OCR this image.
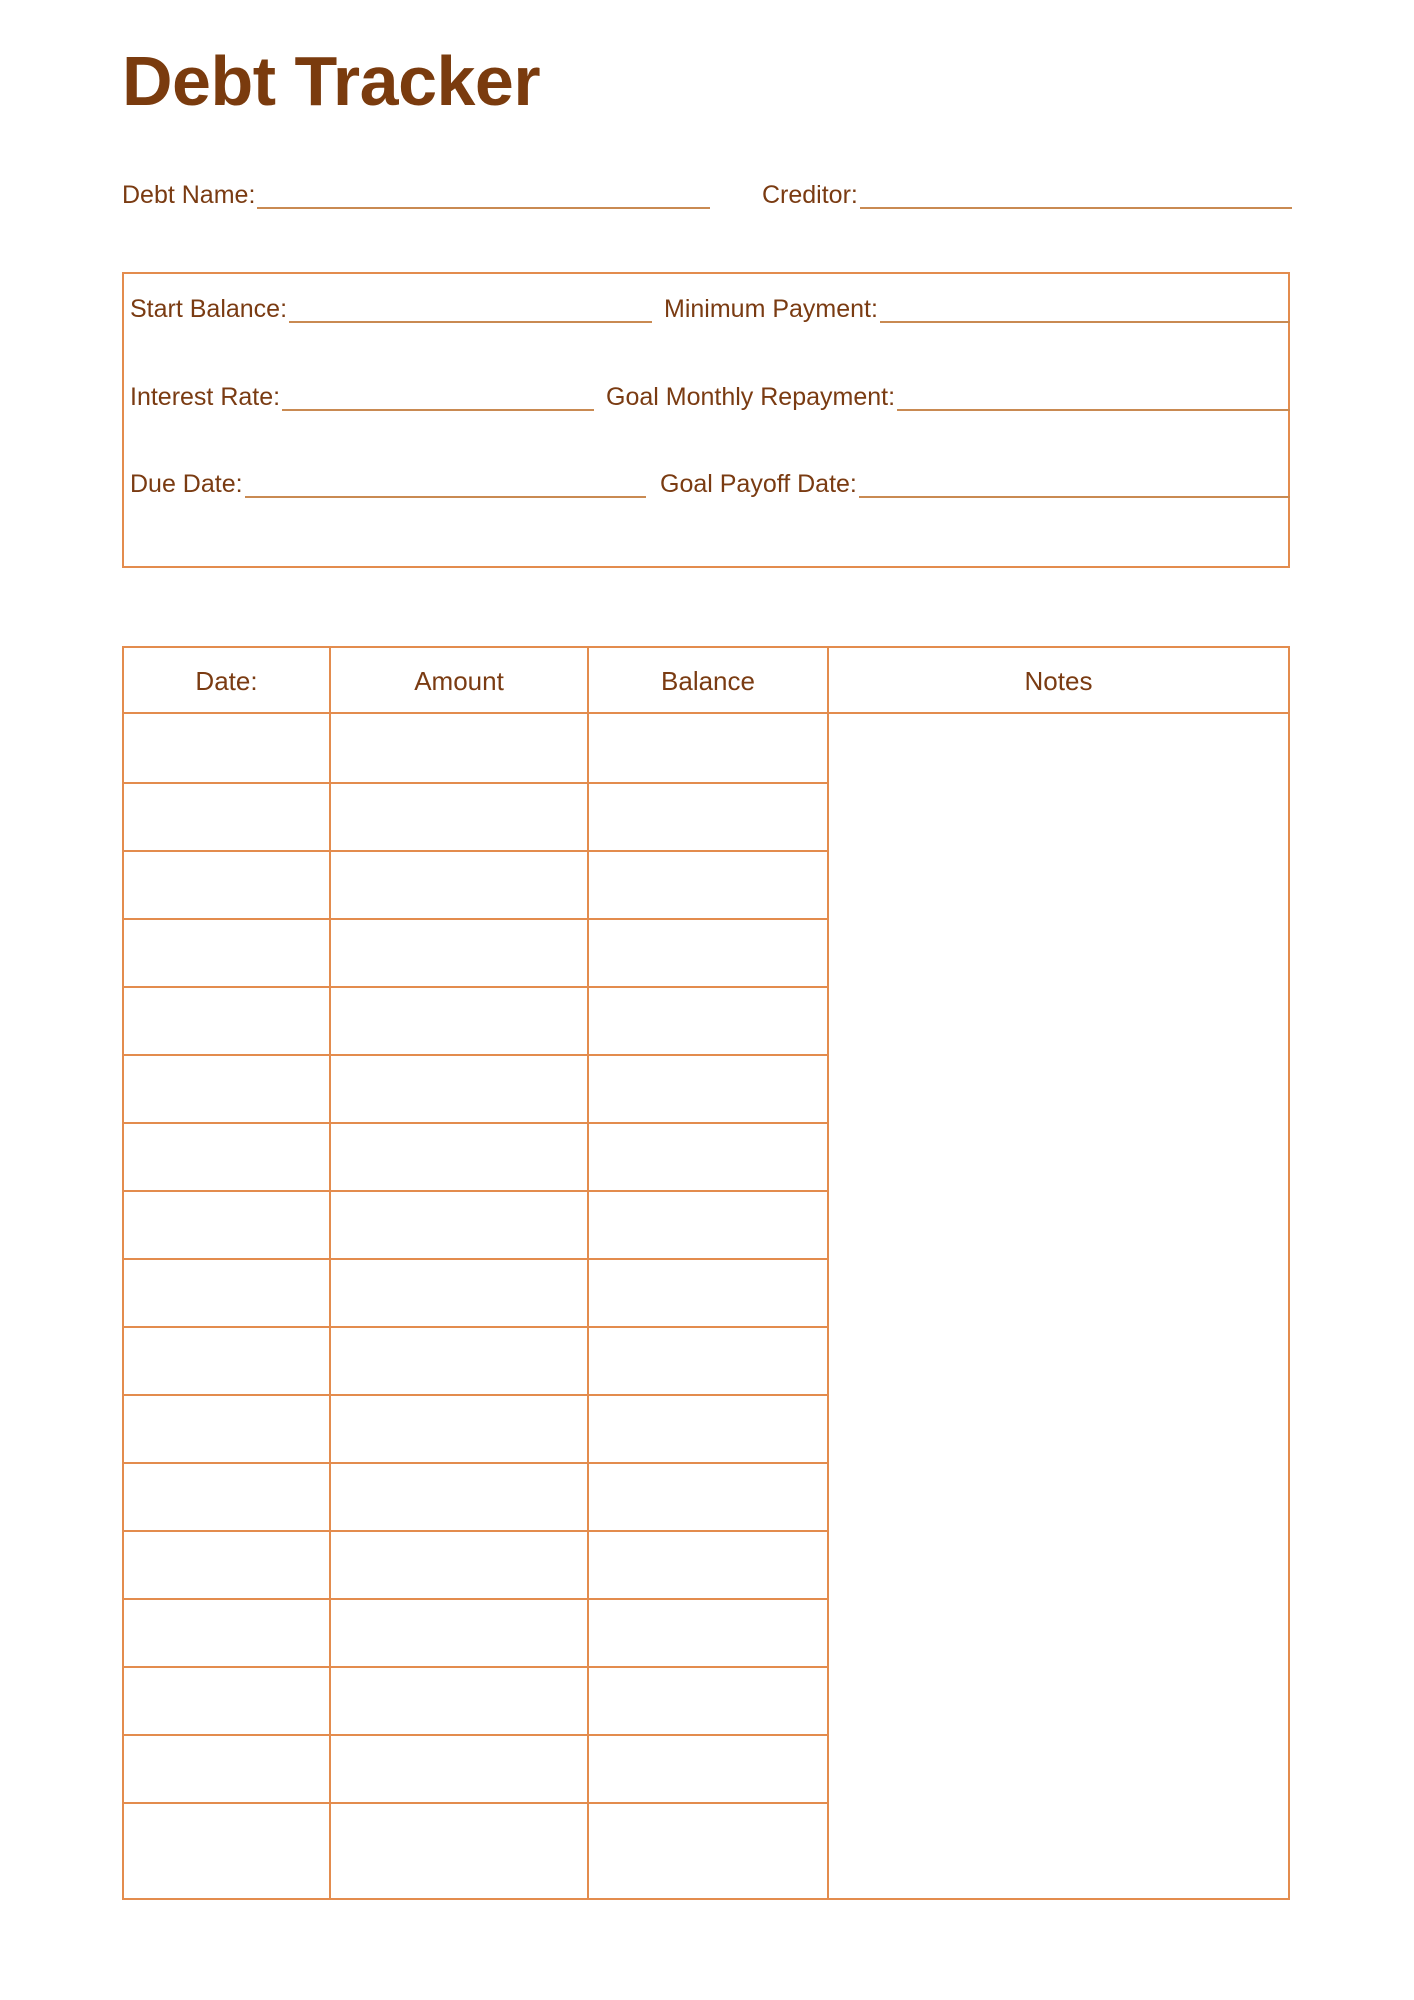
Debt Tracker
Debt Name:	Creditor:
Start Balance:	Minimum Payment:
Interest Rate:	Goal Monthly Repayment:
Due Date:	Goal Payoff Date:
Date:	Amount	Balance	Notes
